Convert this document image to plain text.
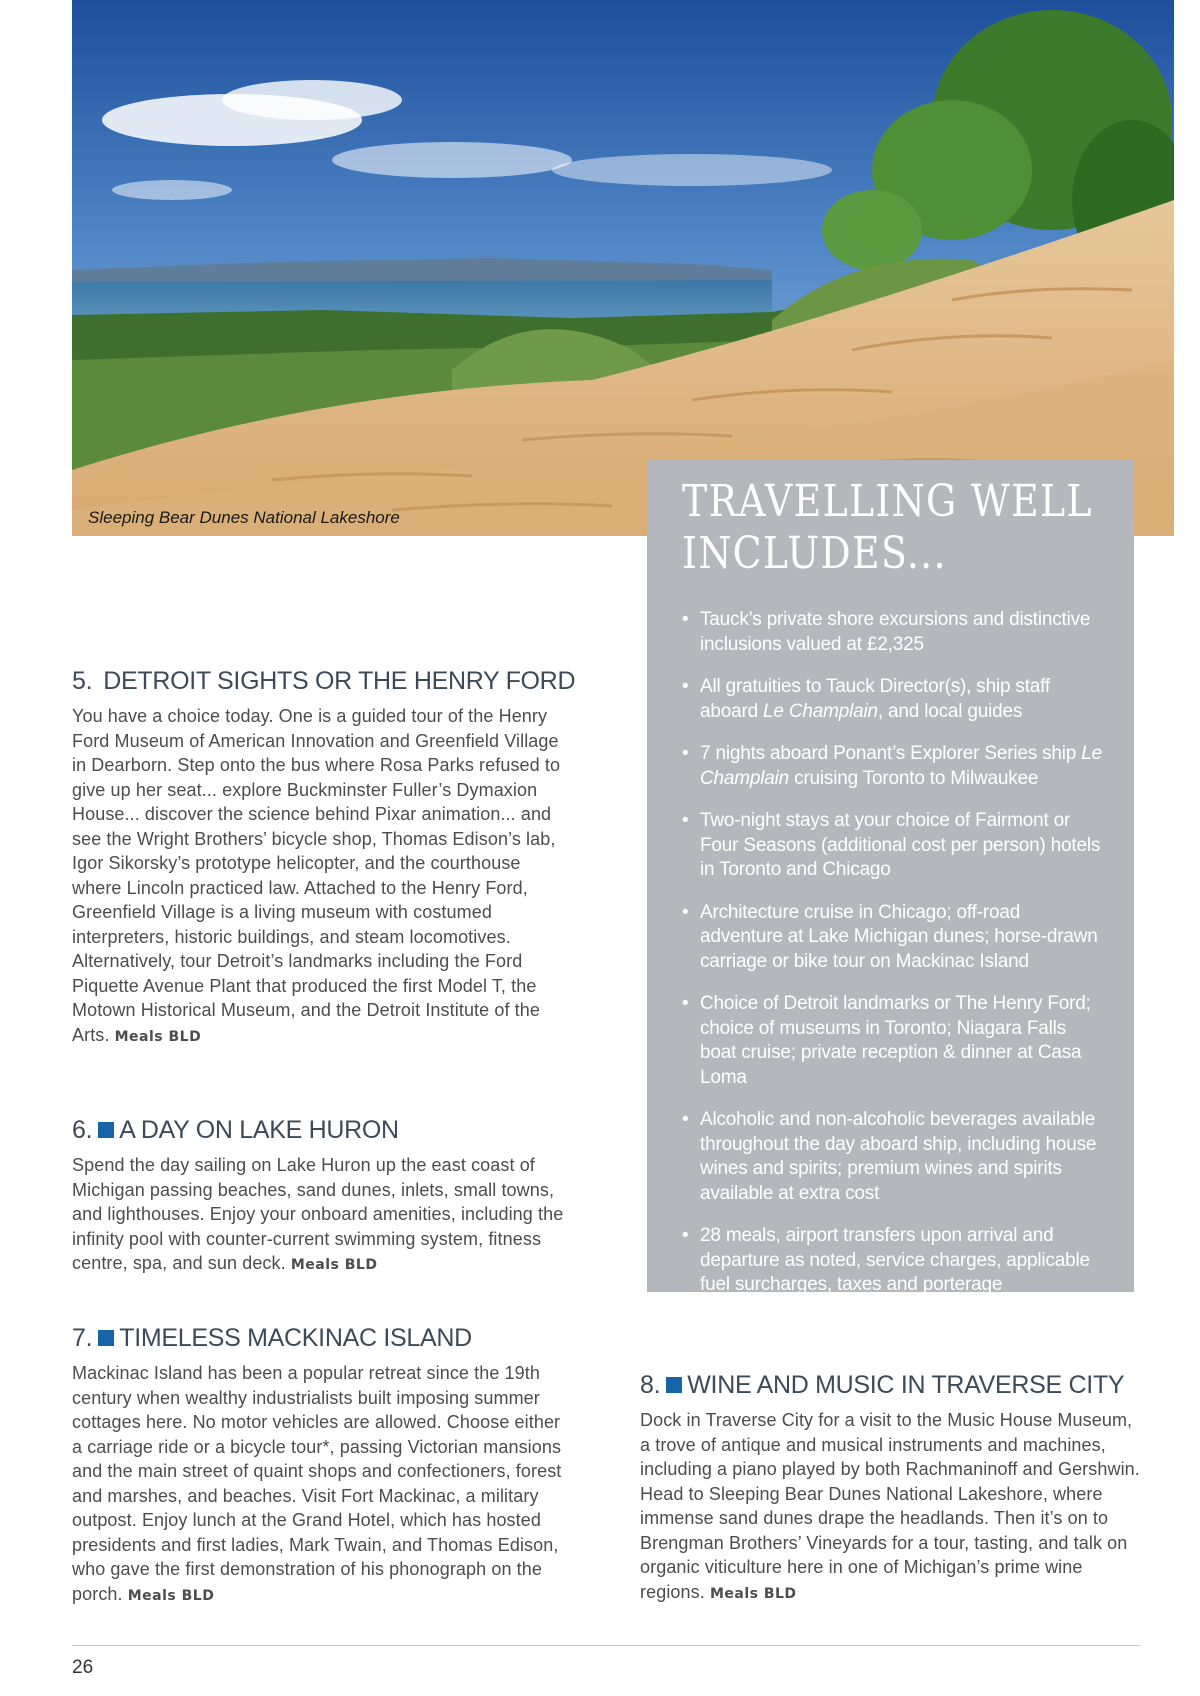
Sleeping Bear Dunes National Lakeshore	TRAVELLING WELL
INCLUDES...
• Tauck’s private shore excursions and distinctive inclusions valued at £2,325
• All gratuities to Tauck Director(s), ship staff aboard Le Champlain, and local guides
• 7 nights aboard Ponant’s Explorer Series ship Le Champlain cruising Toronto to Milwaukee
• Two-night stays at your choice of Fairmont or Four Seasons (additional cost per person) hotels in Toronto and Chicago
• Architecture cruise in Chicago; off-road adventure at Lake Michigan dunes; horse-drawn carriage or bike tour on Mackinac Island
• Choice of Detroit landmarks or The Henry Ford; choice of museums in Toronto; Niagara Falls boat cruise; private reception & dinner at Casa Loma
• Alcoholic and non-alcoholic beverages available throughout the day aboard ship, including house wines and spirits; premium wines and spirits available at extra cost
• 28 meals, airport transfers upon arrival and departure as noted, service charges, applicable fuel surcharges, taxes and porterage
5. DETROIT SIGHTS OR THE HENRY FORD

You have a choice today. One is a guided tour of the Henry Ford Museum of American Innovation and Greenfield Village in Dearborn. Step onto the bus where Rosa Parks refused to give up her seat... explore Buckminster Fuller’s Dymaxion House... discover the science behind Pixar animation... and see the Wright Brothers’ bicycle shop, Thomas Edison’s lab, Igor Sikorsky’s prototype helicopter, and the courthouse where Lincoln practiced law. Attached to the Henry Ford, Greenfield Village is a living museum with costumed interpreters, historic buildings, and steam locomotives. Alternatively, tour Detroit’s landmarks including the Ford Piquette Avenue Plant that produced the first Model T, the Motown Historical Museum, and the Detroit Institute of the Arts. Meals BLD

6. A DAY ON LAKE HURON

Spend the day sailing on Lake Huron up the east coast of Michigan passing beaches, sand dunes, inlets, small towns, and lighthouses. Enjoy your onboard amenities, including the infinity pool with counter-current swimming system, fitness centre, spa, and sun deck. Meals BLD

7. TIMELESS MACKINAC ISLAND

Mackinac Island has been a popular retreat since the 19th century when wealthy industrialists built imposing summer cottages here. No motor vehicles are allowed. Choose either a carriage ride or a bicycle tour*, passing Victorian mansions and the main street of quaint shops and confectioners, forest and marshes, and beaches. Visit Fort Mackinac, a military outpost. Enjoy lunch at the Grand Hotel, which has hosted presidents and first ladies, Mark Twain, and Thomas Edison, who gave the first demonstration of his phonograph on the porch. Meals BLD

8. WINE AND MUSIC IN TRAVERSE CITY

Dock in Traverse City for a visit to the Music House Museum, a trove of antique and musical instruments and machines, including a piano played by both Rachmaninoff and Gershwin. Head to Sleeping Bear Dunes National Lakeshore, where immense sand dunes drape the headlands. Then it’s on to Brengman Brothers’ Vineyards for a tour, tasting, and talk on organic viticulture here in one of Michigan’s prime wine regions. Meals BLD

26
